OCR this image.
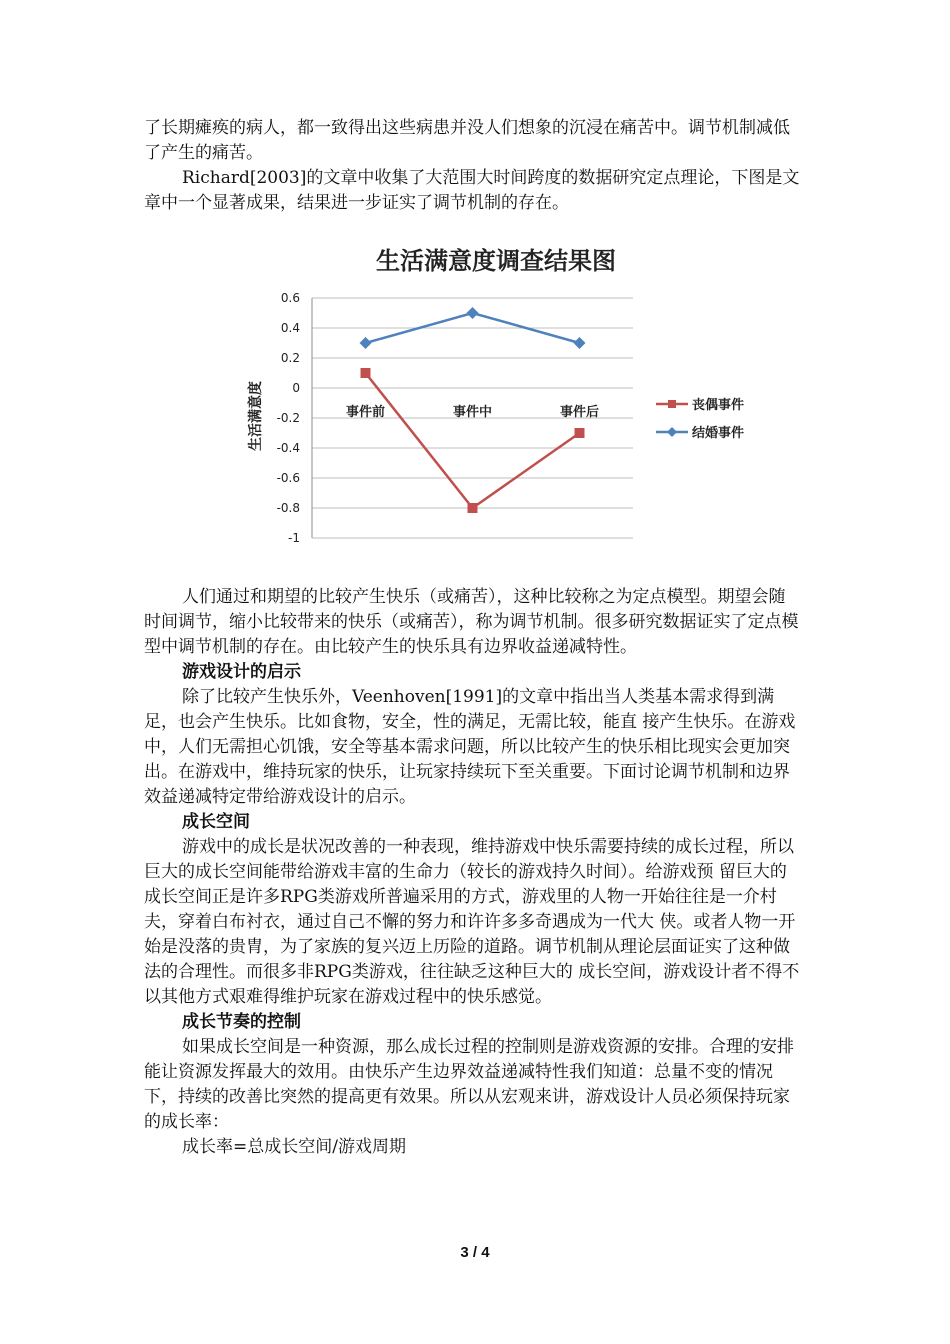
了长期瘫痪的病人，都一致得出这些病患并没人们想象的沉浸在痛苦中。调节机制减低了产生的痛苦。

Richard[2003]的文章中收集了大范围大时间跨度的数据研究定点理论，下图是文章中一个显著成果，结果进一步证实了调节机制的存在。

生活满意度调查结果图
0.6
0.4
0.2
0
-0.2
-0.4
-0.6
-0.8
-1
事件前	事件中	事件后
生活满意度	丧偶事件
结婚事件

人们通过和期望的比较产生快乐（或痛苦），这种比较称之为定点模型。期望会随时间调节，缩小比较带来的快乐（或痛苦），称为调节机制。很多研究数据证实了定点模型中调节机制的存在。由比较产生的快乐具有边界收益递减特性。

游戏设计的启示

除了比较产生快乐外，Veenhoven[1991]的文章中指出当人类基本需求得到满足，也会产生快乐。比如食物，安全，性的满足，无需比较，能直 接产生快乐。在游戏中，人们无需担心饥饿，安全等基本需求问题，所以比较产生的快乐相比现实会更加突出。在游戏中，维持玩家的快乐，让玩家持续玩下至关重要。下面讨论调节机制和边界效益递减特定带给游戏设计的启示。

成长空间

游戏中的成长是状况改善的一种表现，维持游戏中快乐需要持续的成长过程，所以巨大的成长空间能带给游戏丰富的生命力（较长的游戏持久时间）。给游戏预 留巨大的成长空间正是许多RPG类游戏所普遍采用的方式，游戏里的人物一开始往往是一介村夫，穿着白布衬衣，通过自己不懈的努力和许许多多奇遇成为一代大 侠。或者人物一开始是没落的贵胄，为了家族的复兴迈上历险的道路。调节机制从理论层面证实了这种做法的合理性。而很多非RPG类游戏，往往缺乏这种巨大的 成长空间，游戏设计者不得不以其他方式艰难得维护玩家在游戏过程中的快乐感觉。

成长节奏的控制

如果成长空间是一种资源，那么成长过程的控制则是游戏资源的安排。合理的安排能让资源发挥最大的效用。由快乐产生边界效益递减特性我们知道：总量不变的情况下，持续的改善比突然的提高更有效果。所以从宏观来讲，游戏设计人员必须保持玩家的成长率：

成长率=总成长空间/游戏周期

3 / 4
